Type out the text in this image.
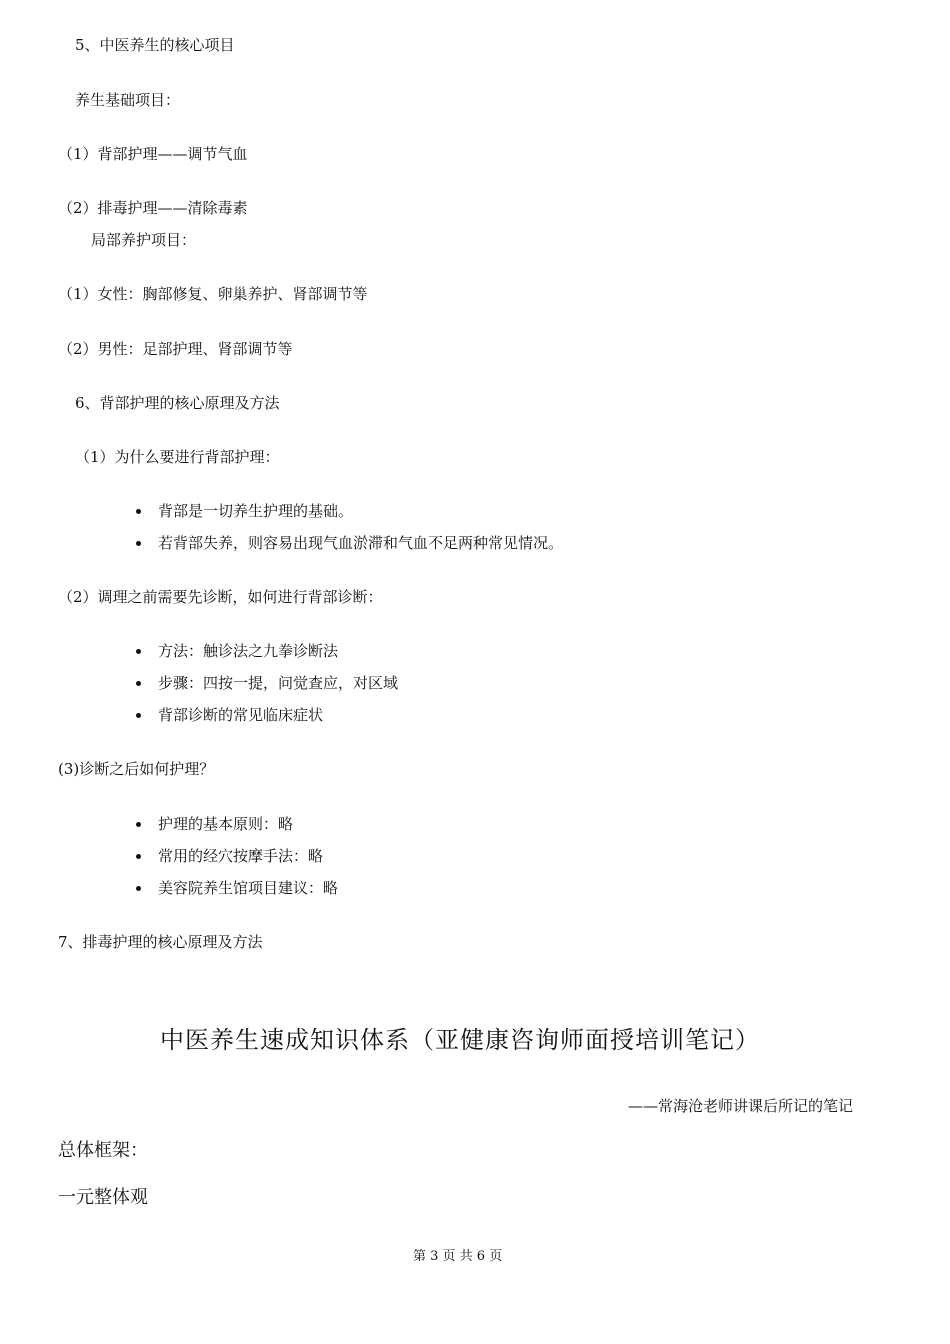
5、中医养生的核心项目
养生基础项目：
（1）背部护理——调节气血
（2）排毒护理——清除毒素
局部养护项目：
（1）女性：胸部修复、卵巢养护、肾部调节等
（2）男性：足部护理、肾部调节等
6、背部护理的核心原理及方法
（1）为什么要进行背部护理：
背部是一切养生护理的基础。
若背部失养，则容易出现气血淤滞和气血不足两种常见情况。
（2）调理之前需要先诊断，如何进行背部诊断：
方法：触诊法之九拳诊断法
步骤：四按一提，问觉查应，对区域
背部诊断的常见临床症状
(3)诊断之后如何护理？
护理的基本原则：略
常用的经穴按摩手法：略
美容院养生馆项目建议：略
7、排毒护理的核心原理及方法
中医养生速成知识体系（亚健康咨询师面授培训笔记）
——常海沧老师讲课后所记的笔记
总体框架：
一元整体观
第 3 页 共 6 页
